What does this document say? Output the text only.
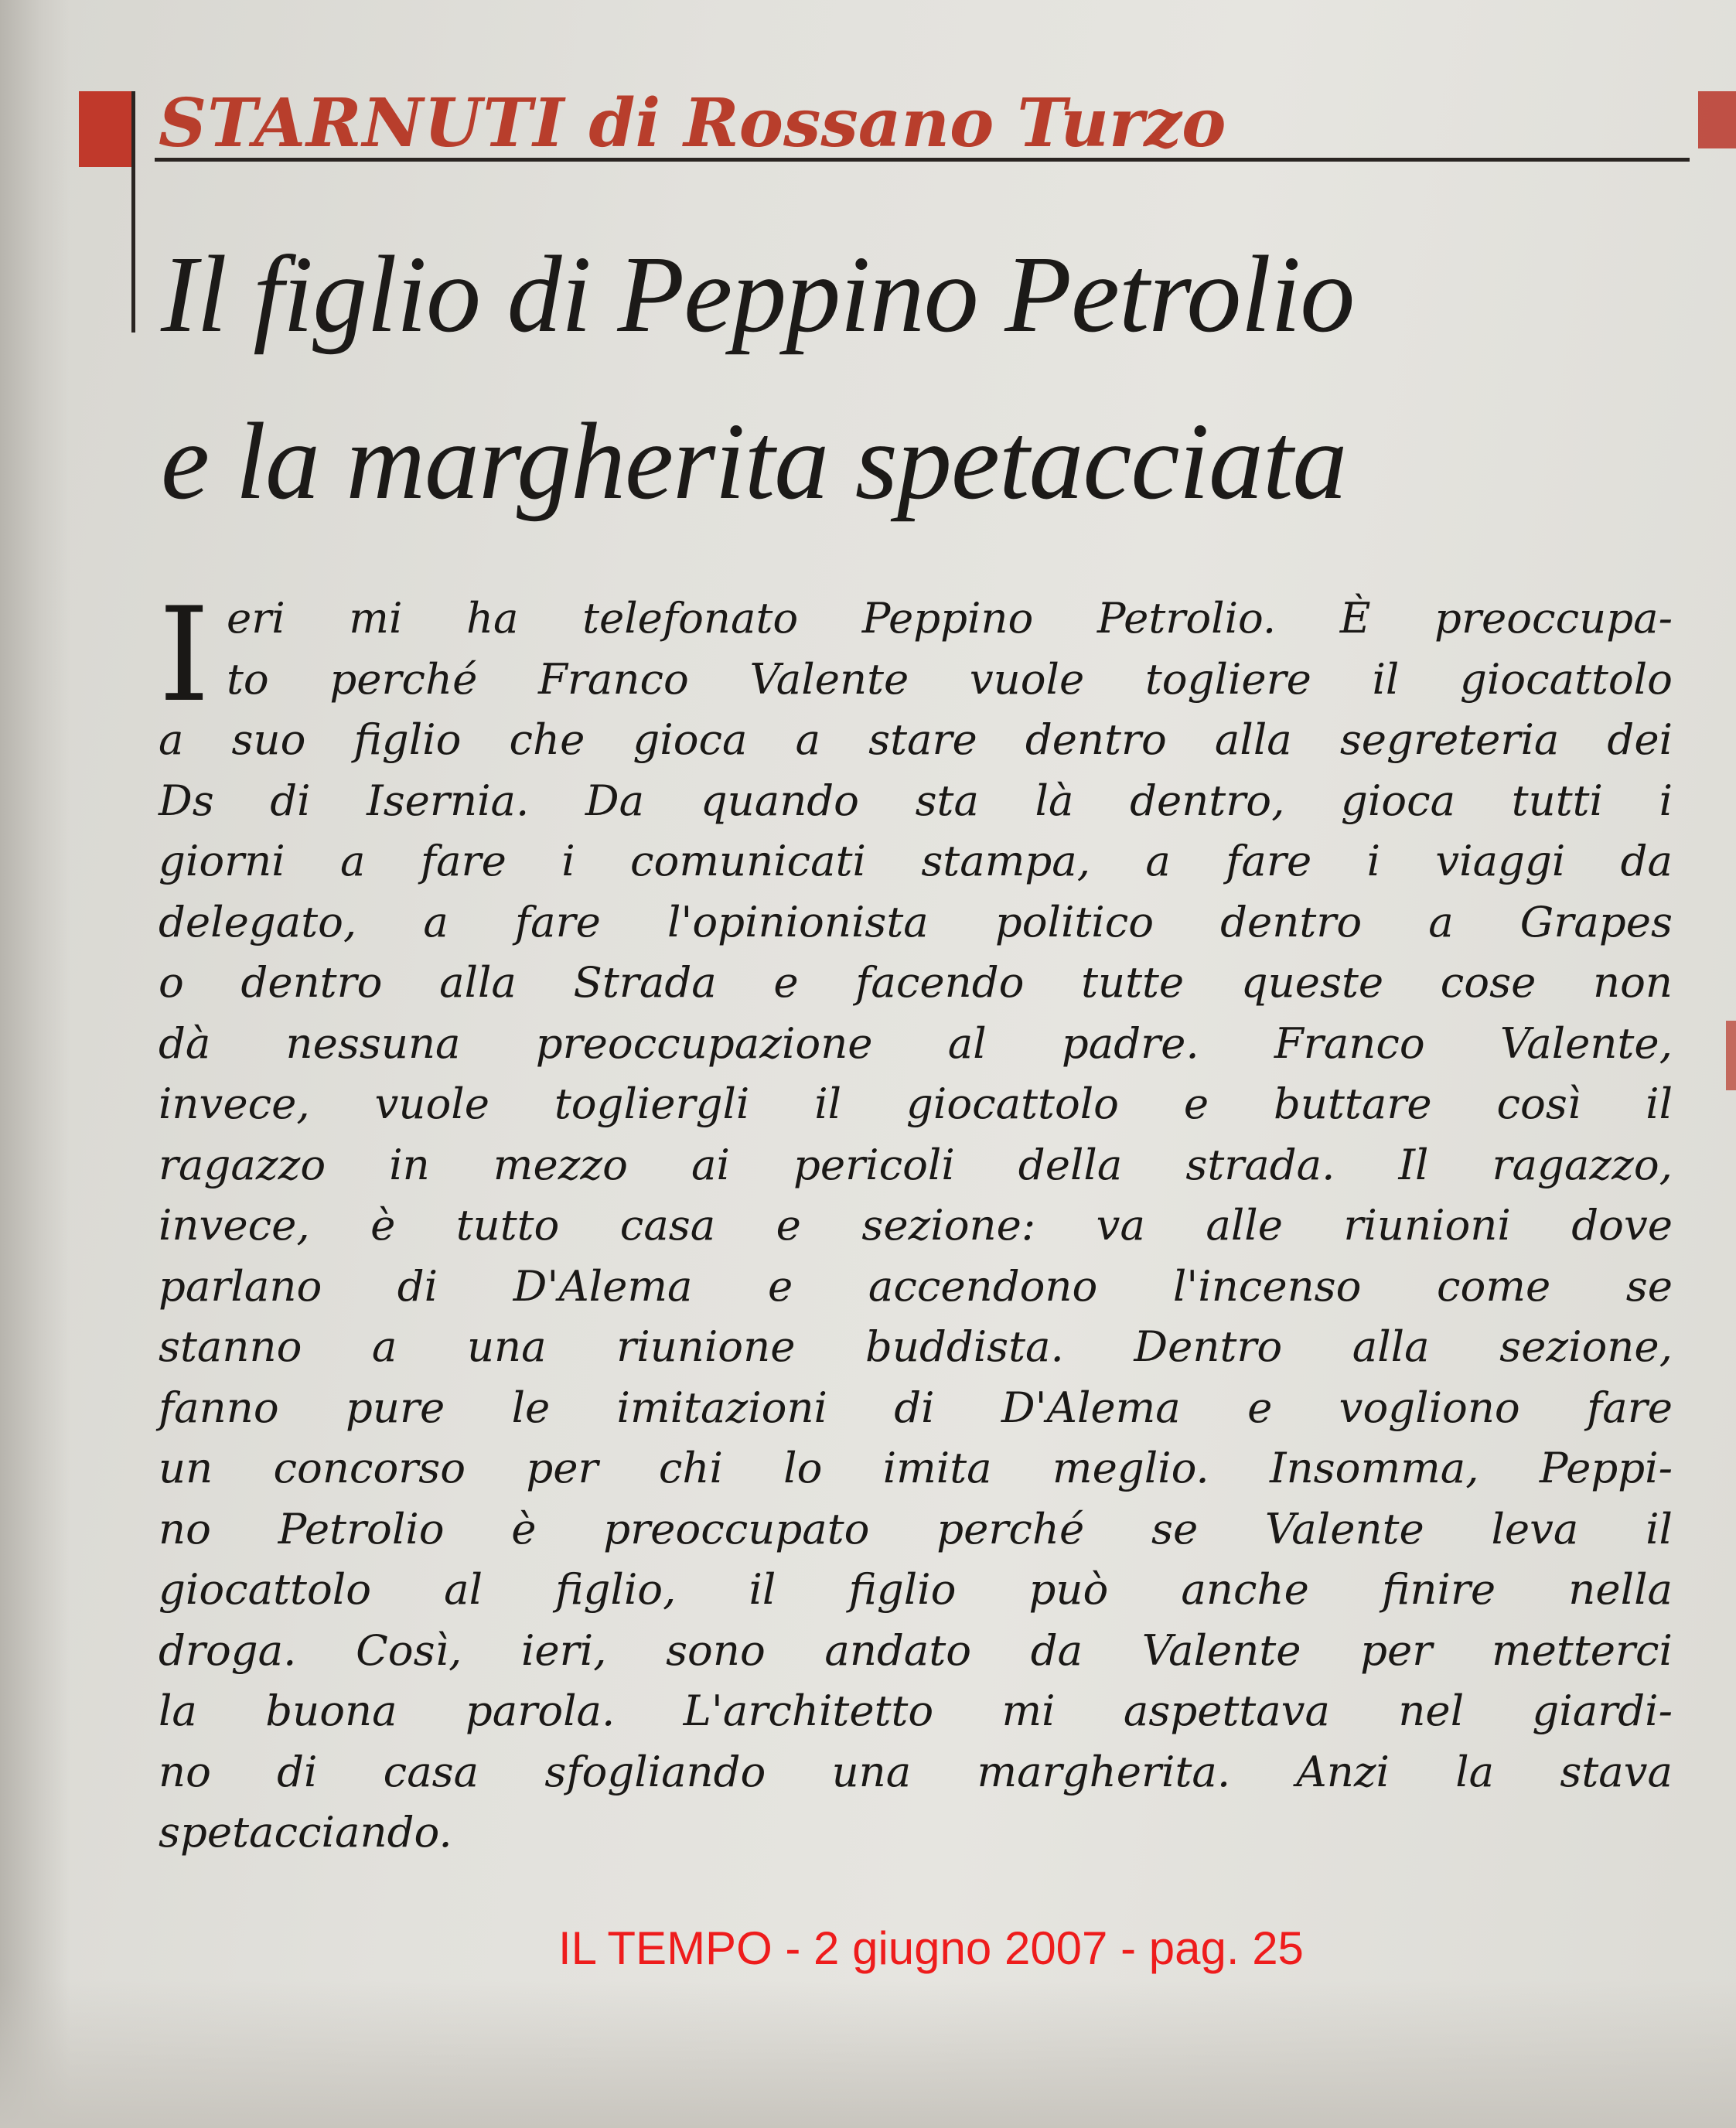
STARNUTI di Rossano Turzo
Il figlio di Peppino Petrolio
e la margherita spetacciata
I eri mi ha telefonato Peppino Petrolio. È preoccupa-
to perché Franco Valente vuole togliere il giocattolo
a suo figlio che gioca a stare dentro alla segreteria dei
Ds di Isernia. Da quando sta là dentro, gioca tutti i
giorni a fare i comunicati stampa, a fare i viaggi da
delegato, a fare l'opinionista politico dentro a Grapes
o dentro alla Strada e facendo tutte queste cose non
dà nessuna preoccupazione al padre. Franco Valente,
invece, vuole togliergli il giocattolo e buttare così il
ragazzo in mezzo ai pericoli della strada. Il ragazzo,
invece, è tutto casa e sezione: va alle riunioni dove
parlano di D'Alema e accendono l'incenso come se
stanno a una riunione buddista. Dentro alla sezione,
fanno pure le imitazioni di D'Alema e vogliono fare
un concorso per chi lo imita meglio. Insomma, Peppi-
no Petrolio è preoccupato perché se Valente leva il
giocattolo al figlio, il figlio può anche finire nella
droga. Così, ieri, sono andato da Valente per metterci
la buona parola. L'architetto mi aspettava nel giardi-
no di casa sfogliando una margherita. Anzi la stava
spetacciando.
IL TEMPO - 2 giugno 2007 - pag. 25
